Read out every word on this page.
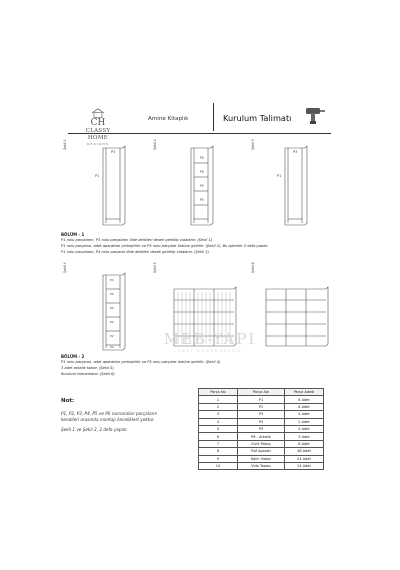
CH
CLASSY HOME
DESIGNS
Amine Kitaplık	Kurulum Talimatı
Şekil 1	Şekil 2	Şekil 3
Şekil 4	Şekil 5	Şekil 6
P1
P3
P5
P5
P5
P5
P1
P3
BÖLÜM - 1
P1 nolu parçaların, P3 nolu parçaların ilide delikleri desek gelirilip vidalanır. (Şekil 1)
P1 nolu parçanın, adet aparatları yerleştirilir ve P5 nolu parçalar üstüne gelirilir. (Şekil 2), Bu işlemler 2 defa yapılır.
P1 nolu parçaların, P4 nolu parçalar ilide delikleri desek gelirilip vidalanır. (Şekil 3)
P4
P2
P2
P2
P2
P4	MEB-YAPI
YAPI DEKORASYON
BÖLÜM - 2
P1 nolu parçanın, adet aparatları yerleştirilir ve P5 nolu parçalar üstüne gelirilir. (Şekil 4)
3 adet arkalık takılır. (Şekil 5)
Kurulum tamamlanır. (Şekil 6)
Not:
P1, P2, P3, P4, P5 ve P6 numaraları parçaların kendileri arasında montajı önceliklert yoktur.
Şekil 1 ve Şekil 2, 2 defa yapılır.
Parça No	Parça Adı	Parça Adedi
1	P1	6 Adet
2	P2	8 Adet
3	P3	4 Adet
4	P4	2 Adet
5	P5	4 Adet
6	P6 - Arkalık	3 Adet
7	Civili Pabuç	8 Adet
8	Raf Aparatı	48 Adet
9	Kalın Vidası	24 Adet
10	Vida Tapası	24 Adet
